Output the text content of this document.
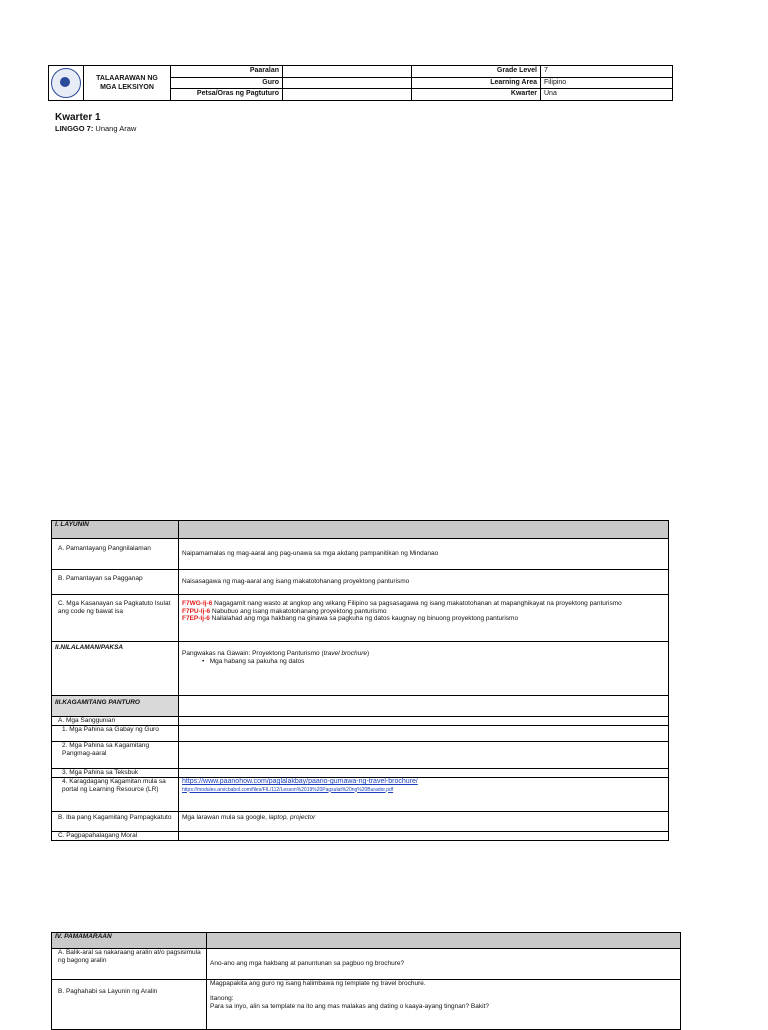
	TALAARAWAN NG
MGA LEKSIYON	Paaralan		Grade Level	7
		Guro		Learning Area	Filipino
		Petsa/Oras ng Pagtuturo		Kwarter	Una
Kwarter 1
LINGGO 7: Unang Araw
I. LAYUNIN	
A. Pamantayang Pangnilalaman	Naipamamalas ng mag-aaral ang pag-unawa sa mga akdang pampanitikan ng Mindanao
B. Pamantayan sa Pagganap	Naisasagawa ng mag-aaral ang isang makatotohanang proyektong panturismo
C. Mga Kasanayan sa Pagkatuto Isulat ang code ng bawat isa	F7WG-Ij-6 Nagagamit nang wasto at angkop ang wikang Filipino sa pagsasagawa ng isang makatotohanan at mapanghikayat na proyektong panturismo
F7PU-Ij-6 Nabubuo ang isang makatotohanang proyektong panturismo
F7EP-Ij-6 Nailalahad ang mga hakbang na ginawa sa pagkuha ng datos kaugnay ng binuong proyektong panturismo
II.NILALAMAN/PAKSA	Pangwakas na Gawain: Proyektong Panturismo (travel brochure)
•   Mga habang sa pakuha ng datos
III.KAGAMITANG PANTURO	
A. Mga Sanggunian	
1. Mga Pahina sa Gabay ng Guro	
2. Mga Pahina sa Kagamitang Pangmag-aaral	
3. Mga Pahina sa Teksbuk	
4. Karagdagang Kagamitan mula sa portal ng Learning Resource (LR)	https://www.paanohow.com/paglalakbay/paano-gumawa-ng-travel-brochure/
https://modules.arvicbabol.com/files/FIL/112/Lesson%2019%20Pagsulat%20ng%20Burador.pdf
B. Iba pang Kagamitang Pampagkatuto	Mga larawan mula sa google, laptop, projector
C. Pagpapahalagang Moral	
IV. PAMAMARAAN	
A. Balik-aral sa nakaraang aralin at/o pagsisimula ng bagong aralin	Ano-ano ang mga hakbang at panuntunan sa pagbuo ng brochure?
B. Paghahabi sa Layunin ng Aralin	Magpapakita ang guro ng isang halimbawa ng template ng travel brochure.

Itanong:
Para sa inyo, alin sa template na ito ang mas malakas ang dating o kaaya-ayang tingnan? Bakit?
